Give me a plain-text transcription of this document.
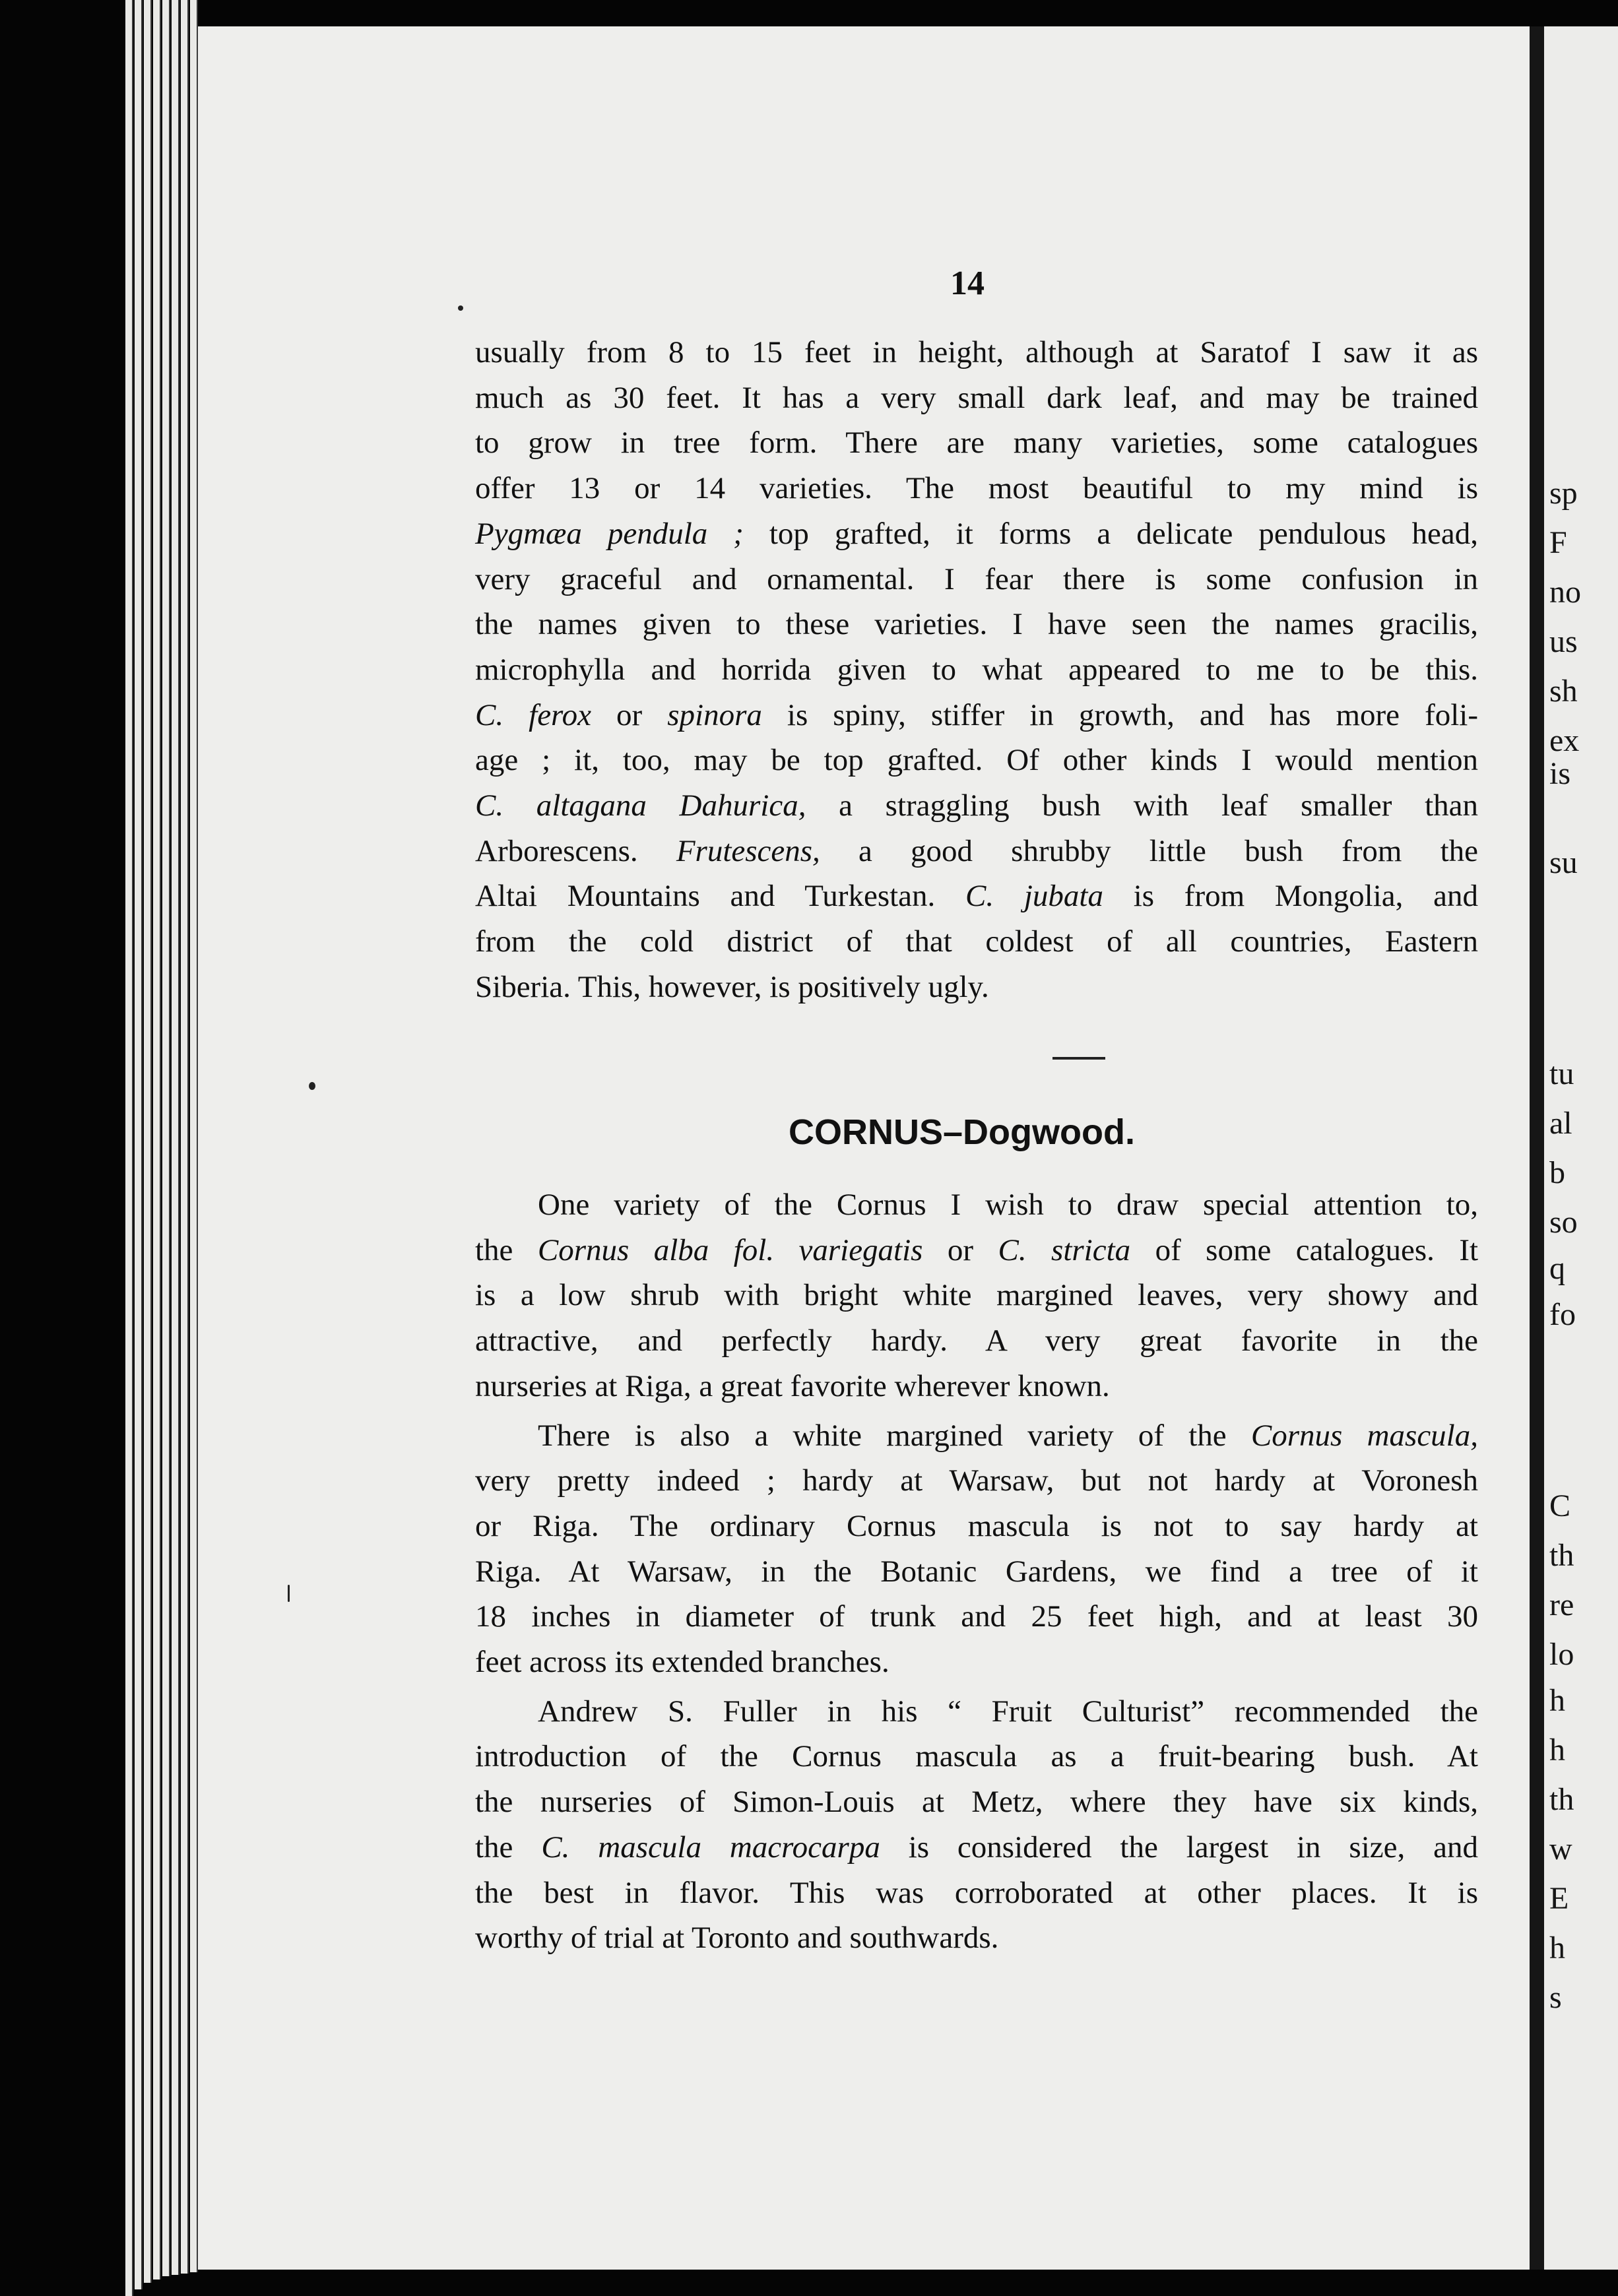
sp
F
no
us
sh
ex
is
su
tu
al
b
so
q
fo
C
th
re
lo
h
h
th
w
E
h
s
14
usually from 8 to 15 feet in height, although at Saratof I saw it as
much as 30 feet. It has a very small dark leaf, and may be trained
to grow in tree form. There are many varieties, some catalogues
offer 13 or 14 varieties. The most beautiful to my mind is
Pygmæa pendula ; top grafted, it forms a delicate pendulous head,
very graceful and ornamental. I fear there is some confusion in
the names given to these varieties. I have seen the names gracilis,
microphylla and horrida given to what appeared to me to be this.
C. ferox or spinora is spiny, stiffer in growth, and has more foli-
age ; it, too, may be top grafted. Of other kinds I would mention
C. altagana Dahurica, a straggling bush with leaf smaller than
Arborescens. Frutescens, a good shrubby little bush from the
Altai Mountains and Turkestan. C. jubata is from Mongolia, and
from the cold district of that coldest of all countries, Eastern
Siberia. This, however, is positively ugly.
CORNUS–Dogwood.
One variety of the Cornus I wish to draw special attention to,
the Cornus alba fol. variegatis or C. stricta of some catalogues. It
is a low shrub with bright white margined leaves, very showy and
attractive, and perfectly hardy. A very great favorite in the
nurseries at Riga, a great favorite wherever known.
There is also a white margined variety of the Cornus mascula,
very pretty indeed ; hardy at Warsaw, but not hardy at Voronesh
or Riga. The ordinary Cornus mascula is not to say hardy at
Riga. At Warsaw, in the Botanic Gardens, we find a tree of it
18 inches in diameter of trunk and 25 feet high, and at least 30
feet across its extended branches.
Andrew S. Fuller in his “ Fruit Culturist” recommended the
introduction of the Cornus mascula as a fruit-bearing bush. At
the nurseries of Simon-Louis at Metz, where they have six kinds,
the C. mascula macrocarpa is considered the largest in size, and
the best in flavor. This was corroborated at other places. It is
worthy of trial at Toronto and southwards.
